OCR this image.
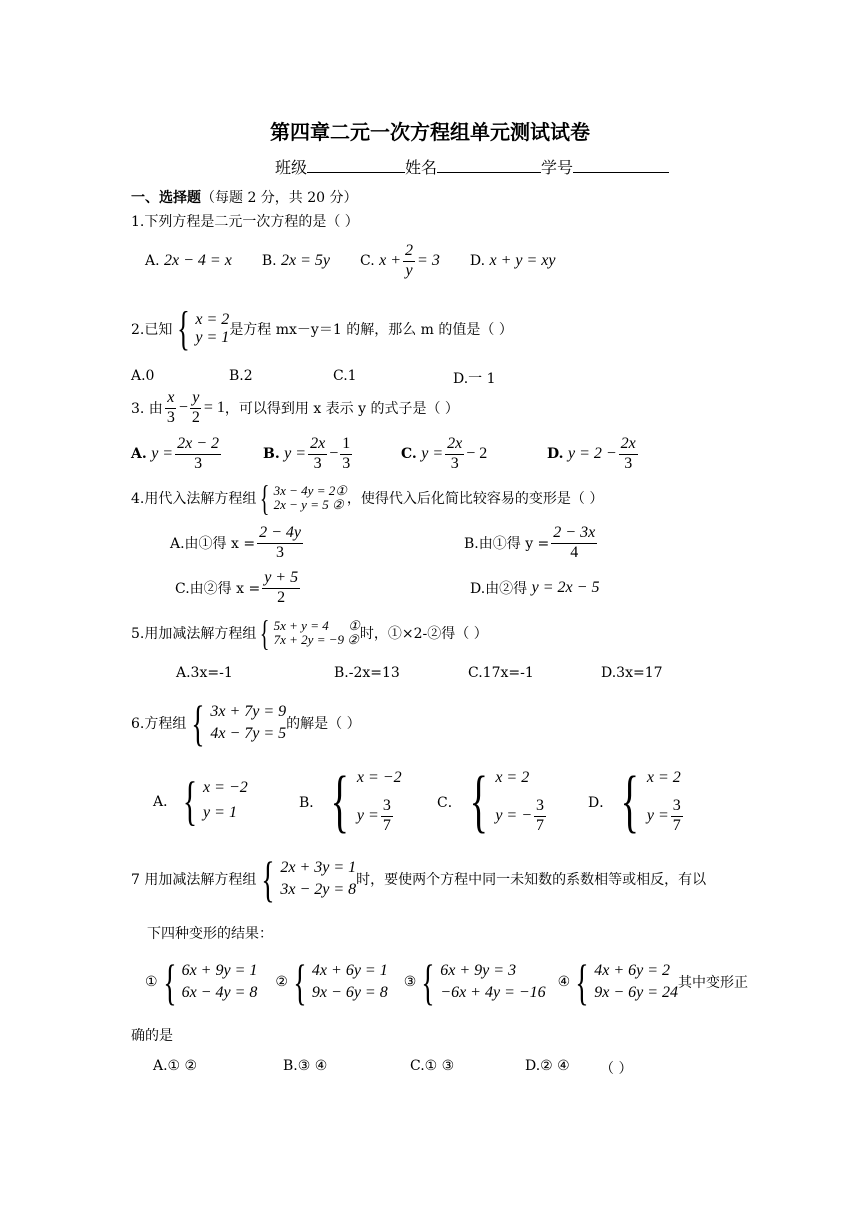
第四章二元一次方程组单元测试试卷
班级	姓名	学号
一、选择题（每题 2 分，共 20 分）
1.下列方程是二元一次方程的是（ ）
A. 2x − 4 = x B. 2x = 5y C. $x + \frac{2}{y} = 3$ D. x + y = xy
2.已知 { x = 2
y = 1 是方程 mx－y＝1 的解，那么 m 的值是（ ）
A.0	B.2	C.1	D.一 1
3. 由 $\frac{x}{3} - \frac{y}{2} = 1$ ，可以得到用 x 表示 y 的式子是（ ）
A.
$y = \frac{2x - 2}{3}$	B.
$y = \frac{2x}{3} - \frac{1}{3}$	C.
$y = \frac{2x}{3} - 2$	D.
$y = 2 - \frac{2x}{3}$
4.用代入法解方程组 { 3x − 4y = 2①
2x − y = 5 ② ，使得代入后化简比较容易的变形是（ ）
A.由①得 $x = \frac{2 - 4y}{3}$	B.由①得 $y = \frac{2 - 3x}{4}$
C.由②得 $x = \frac{y + 5}{2}$	D.由②得
y = 2x − 5
5.用加减法解方程组 { 5x + y = 4      ①
7x + 2y = −9 ② 时，①×2-②得（ ）
A.3x=-1	B.-2x=13	C.17x=-1	D.3x=17
6.方程组 { 3x + 7y = 9
4x − 7y = 5
的解是（ ）
A． { x = −2
y = 1
B． { x = −2
$y = \frac{3}{7}$	C． { x = 2
y = − $\frac{3}{7}$	D． { x = 2
$y = \frac{3}{7}$
7 用加减法解方程组 { 2x + 3y = 1
3x − 2y = 8
时，要使两个方程中同一未知数的系数相等或相反，有以
下四种变形的结果：
① { 6x + 9y = 1
6x − 4y = 8
② { 4x + 6y = 1
9x − 6y = 8
③ { 6x + 9y = 3
−6x + 4y = −16
④ { 4x + 6y = 2
9x − 6y = 24
其中变形正
确的是
A.① ②	B.③ ④	C.① ③	D.② ④ （ ）
